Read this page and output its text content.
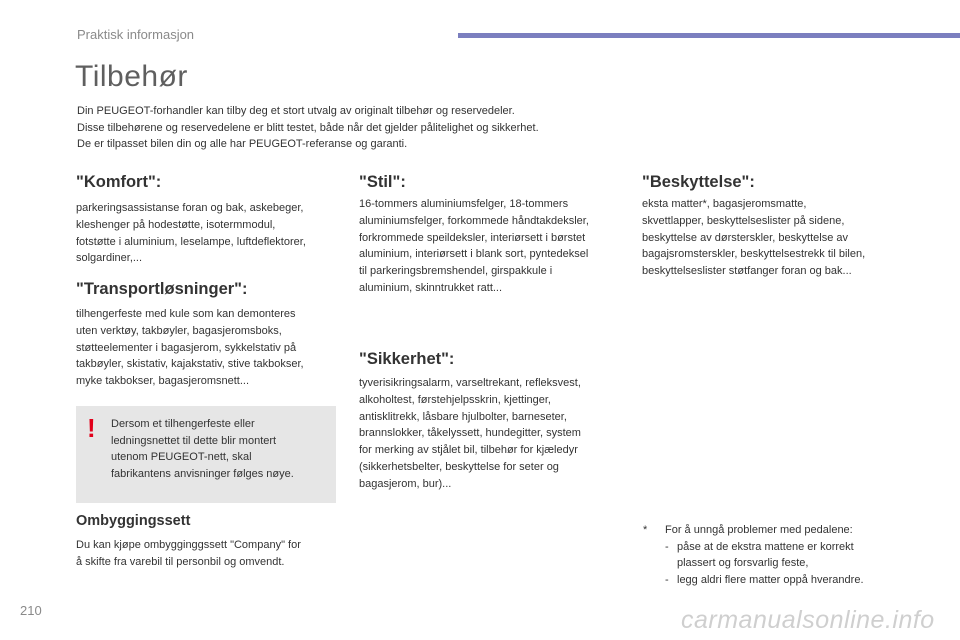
Praktisk informasjon
Tilbehør
Din PEUGEOT-forhandler kan tilby deg et stort utvalg av originalt tilbehør og reservedeler.
Disse tilbehørene og reservedelene er blitt testet, både når det gjelder pålitelighet og sikkerhet.
De er tilpasset bilen din og alle har PEUGEOT-referanse og garanti.
"Komfort":
parkeringsassistanse foran og bak, askebeger,
kleshenger på hodestøtte, isotermmodul,
fotstøtte i aluminium, leselampe, luftdeflektorer,
solgardiner,...
"Transportløsninger":
tilhengerfeste med kule som kan demonteres
uten verktøy, takbøyler, bagasjeromsboks,
støtteelementer i bagasjerom, sykkelstativ på
takbøyler, skistativ, kajakstativ, stive takbokser,
myke takbokser, bagasjeromsnett...
! Dersom et tilhengerfeste eller
ledningsnettet til dette blir montert
utenom PEUGEOT-nett, skal
fabrikantens anvisninger følges nøye.
Ombyggingssett
Du kan kjøpe ombygginggssett "Company" for
å skifte fra varebil til personbil og omvendt.
"Stil":
16-tommers aluminiumsfelger, 18-tommers
aluminiumsfelger, forkommede håndtakdeksler,
forkrommede speildeksler, interiørsett i børstet
aluminium, interiørsett i blank sort, pyntedeksel
til parkeringsbremshendel, girspakkule i
aluminium, skinntrukket ratt...
"Sikkerhet":
tyverisikringsalarm, varseltrekant, refleksvest,
alkoholtest, førstehjelpsskrin, kjettinger,
antisklitrekk, låsbare hjulbolter, barneseter,
brannslokker, tåkelyssett, hundegitter, system
for merking av stjålet bil, tilbehør for kjæledyr
(sikkerhetsbelter, beskyttelse for seter og
bagasjerom, bur)...
"Beskyttelse":
eksta matter*, bagasjeromsmatte,
skvettlapper, beskyttelseslister på sidene,
beskyttelse av dørsterskler, beskyttelse av
bagajsromsterskler, beskyttelsestrekk til bilen,
beskyttelseslister støtfanger foran og bak...
* For å unngå problemer med pedalene:
- påse at de ekstra mattene er korrekt
plassert og forsvarlig feste,
- legg aldri flere matter oppå hverandre.
210	carmanualsonline.info
